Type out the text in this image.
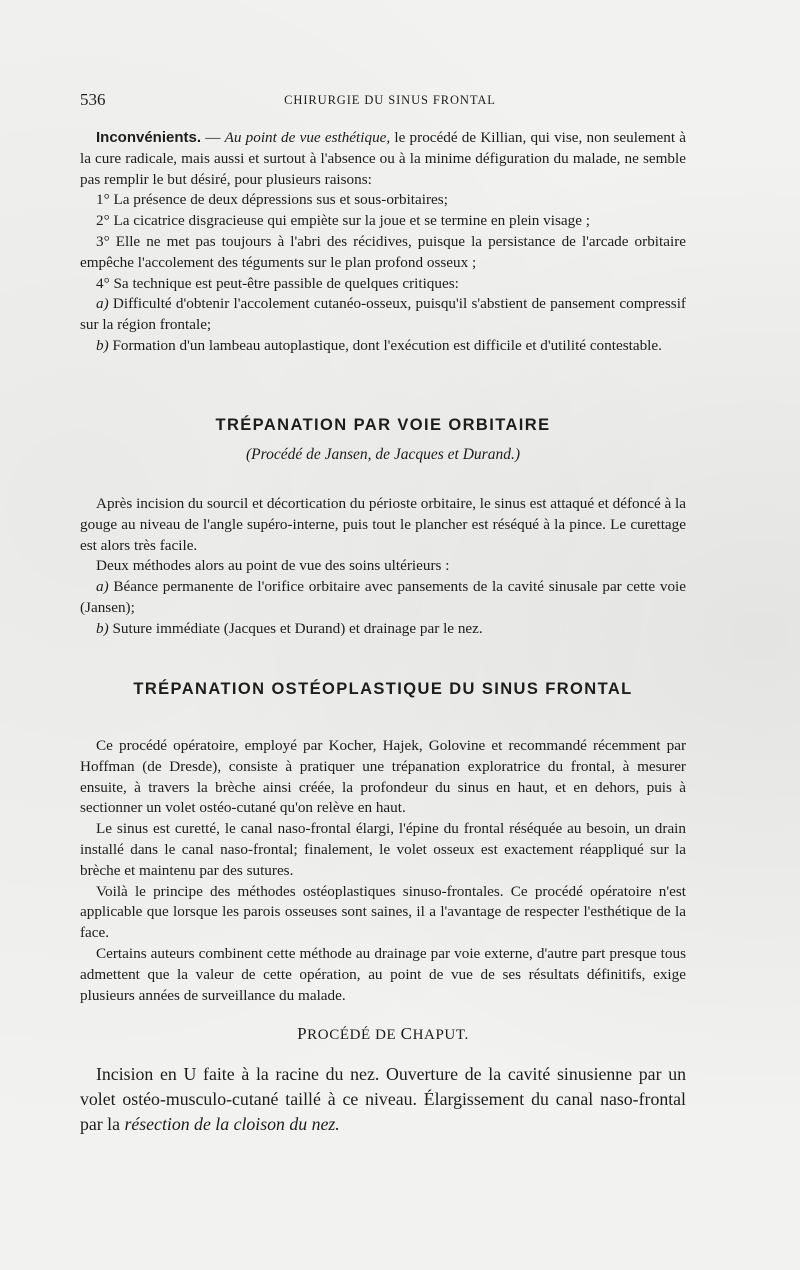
536	CHIRURGIE DU SINUS FRONTAL

Inconvénients. — Au point de vue esthétique, le procédé de Killian, qui vise, non seulement à la cure radicale, mais aussi et surtout à l'absence ou à la minime défiguration du malade, ne semble pas remplir le but désiré, pour plusieurs raisons:

1° La présence de deux dépressions sus et sous-orbitaires;

2° La cicatrice disgracieuse qui empiète sur la joue et se termine en plein visage ;

3° Elle ne met pas toujours à l'abri des récidives, puisque la persistance de l'arcade orbitaire empêche l'accolement des téguments sur le plan profond osseux ;

4° Sa technique est peut-être passible de quelques critiques:

a) Difficulté d'obtenir l'accolement cutanéo-osseux, puisqu'il s'abstient de pansement compressif sur la région frontale;

b) Formation d'un lambeau autoplastique, dont l'exécution est difficile et d'utilité contestable.

TRÉPANATION PAR VOIE ORBITAIRE
(Procédé de Jansen, de Jacques et Durand.)

Après incision du sourcil et décortication du périoste orbitaire, le sinus est attaqué et défoncé à la gouge au niveau de l'angle supéro-interne, puis tout le plancher est réséqué à la pince. Le curettage est alors très facile.

Deux méthodes alors au point de vue des soins ultérieurs :

a) Béance permanente de l'orifice orbitaire avec pansements de la cavité sinusale par cette voie (Jansen);

b) Suture immédiate (Jacques et Durand) et drainage par le nez.

TRÉPANATION OSTÉOPLASTIQUE DU SINUS FRONTAL

Ce procédé opératoire, employé par Kocher, Hajek, Golovine et recommandé récemment par Hoffman (de Dresde), consiste à pratiquer une trépanation exploratrice du frontal, à mesurer ensuite, à travers la brèche ainsi créée, la profondeur du sinus en haut, et en dehors, puis à sectionner un volet ostéo-cutané qu'on relève en haut.

Le sinus est curetté, le canal naso-frontal élargi, l'épine du frontal réséquée au besoin, un drain installé dans le canal naso-frontal; finalement, le volet osseux est exactement réappliqué sur la brèche et maintenu par des sutures.

Voilà le principe des méthodes ostéoplastiques sinuso-frontales. Ce procédé opératoire n'est applicable que lorsque les parois osseuses sont saines, il a l'avantage de respecter l'esthétique de la face.

Certains auteurs combinent cette méthode au drainage par voie externe, d'autre part presque tous admettent que la valeur de cette opération, au point de vue de ses résultats définitifs, exige plusieurs années de surveillance du malade.

PROCÉDÉ DE CHAPUT.

Incision en U faite à la racine du nez. Ouverture de la cavité sinusienne par un volet ostéo-musculo-cutané taillé à ce niveau. Élargissement du canal naso-frontal par la résection de la cloison du nez.
